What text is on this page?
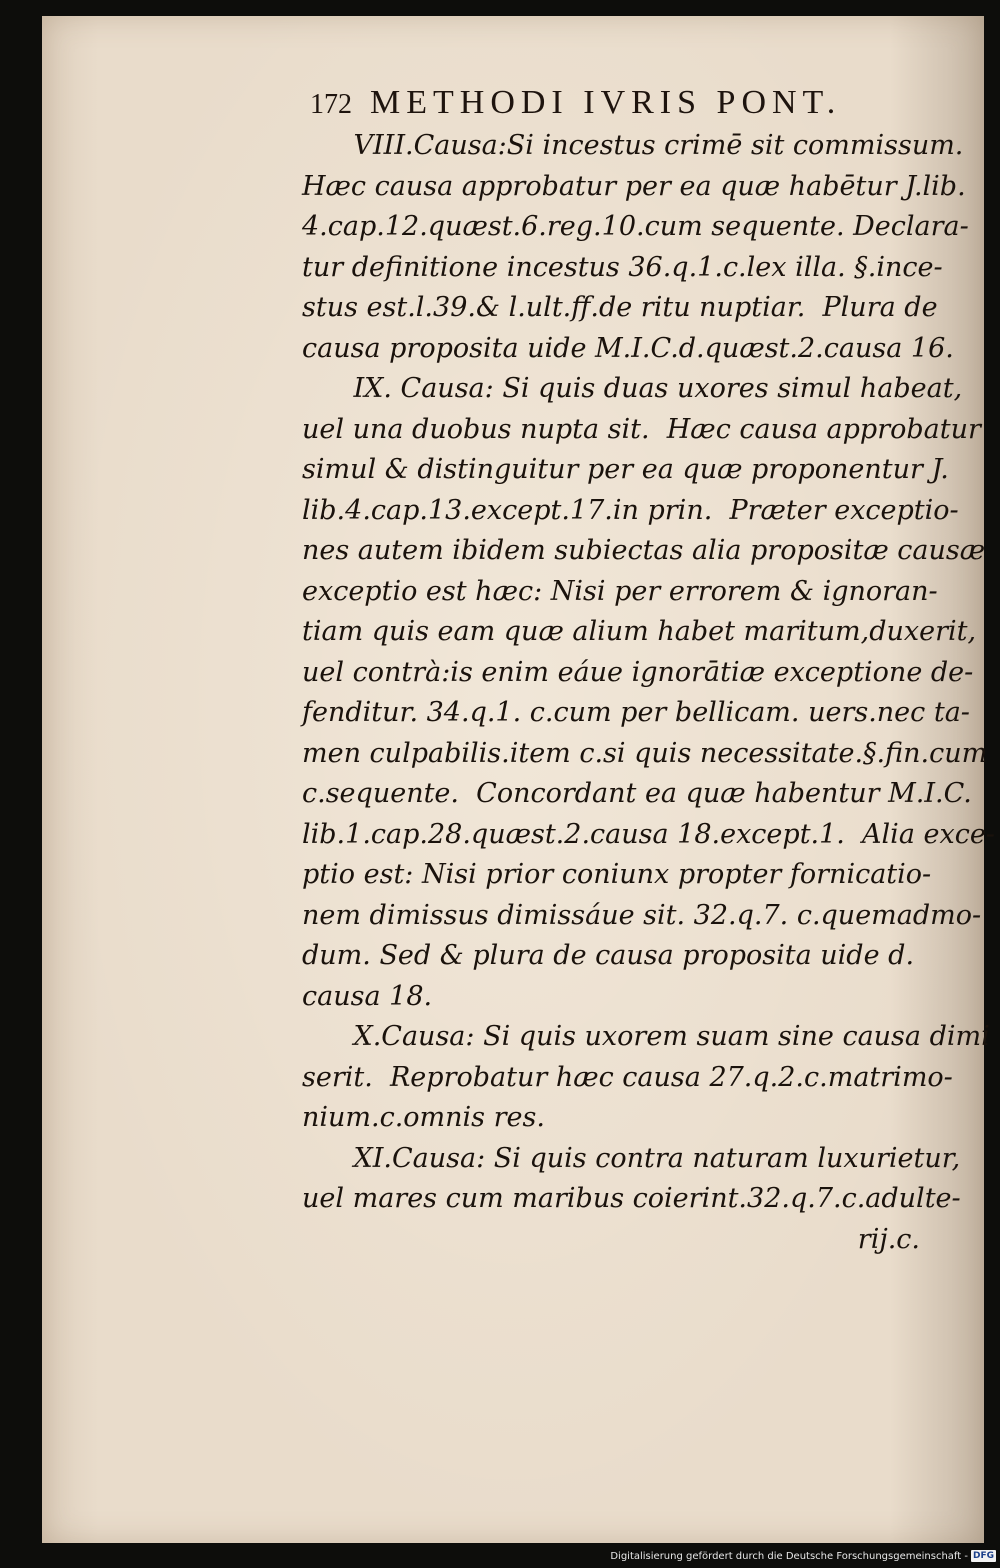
172 METHODI IVRIS PONT.
VIII.Causa:Si incestus crimē sit commissum.
Hæc causa approbatur per ea quæ habētur J.lib.
4.cap.12.quæst.6.reg.10.cum sequente. Declara-
tur definitione incestus 36.q.1.c.lex illa. §.ince-
stus est.l.39.& l.ult.ff.de ritu nuptiar.  Plura de
causa proposita uide M.I.C.d.quæst.2.causa 16.
IX. Causa: Si quis duas uxores simul habeat,
uel una duobus nupta sit.  Hæc causa approbatur
simul & distinguitur per ea quæ proponentur J.
lib.4.cap.13.except.17.in prin.  Præter exceptio-
nes autem ibidem subiectas alia propositæ causæ
exceptio est hæc: Nisi per errorem & ignoran-
tiam quis eam quæ alium habet maritum,duxerit,
uel contrà:is enim eáue ignorātiæ exceptione de-
fenditur. 34.q.1. c.cum per bellicam. uers.nec ta-
men culpabilis.item c.si quis necessitate.§.fin.cum
c.sequente.  Concordant ea quæ habentur M.I.C.
lib.1.cap.28.quæst.2.causa 18.except.1.  Alia exce-
ptio est: Nisi prior coniunx propter fornicatio-
nem dimissus dimissáue sit. 32.q.7. c.quemadmo-
dum. Sed & plura de causa proposita uide d.
causa 18.
X.Causa: Si quis uxorem suam sine causa dimi
serit.  Reprobatur hæc causa 27.q.2.c.matrimo-
nium.c.omnis res.
XI.Causa: Si quis contra naturam luxurietur,
uel mares cum maribus coierint.32.q.7.c.adulte-
rij.c.
Digitalisierung gefördert durch die Deutsche Forschungsgemeinschaft - DFG
